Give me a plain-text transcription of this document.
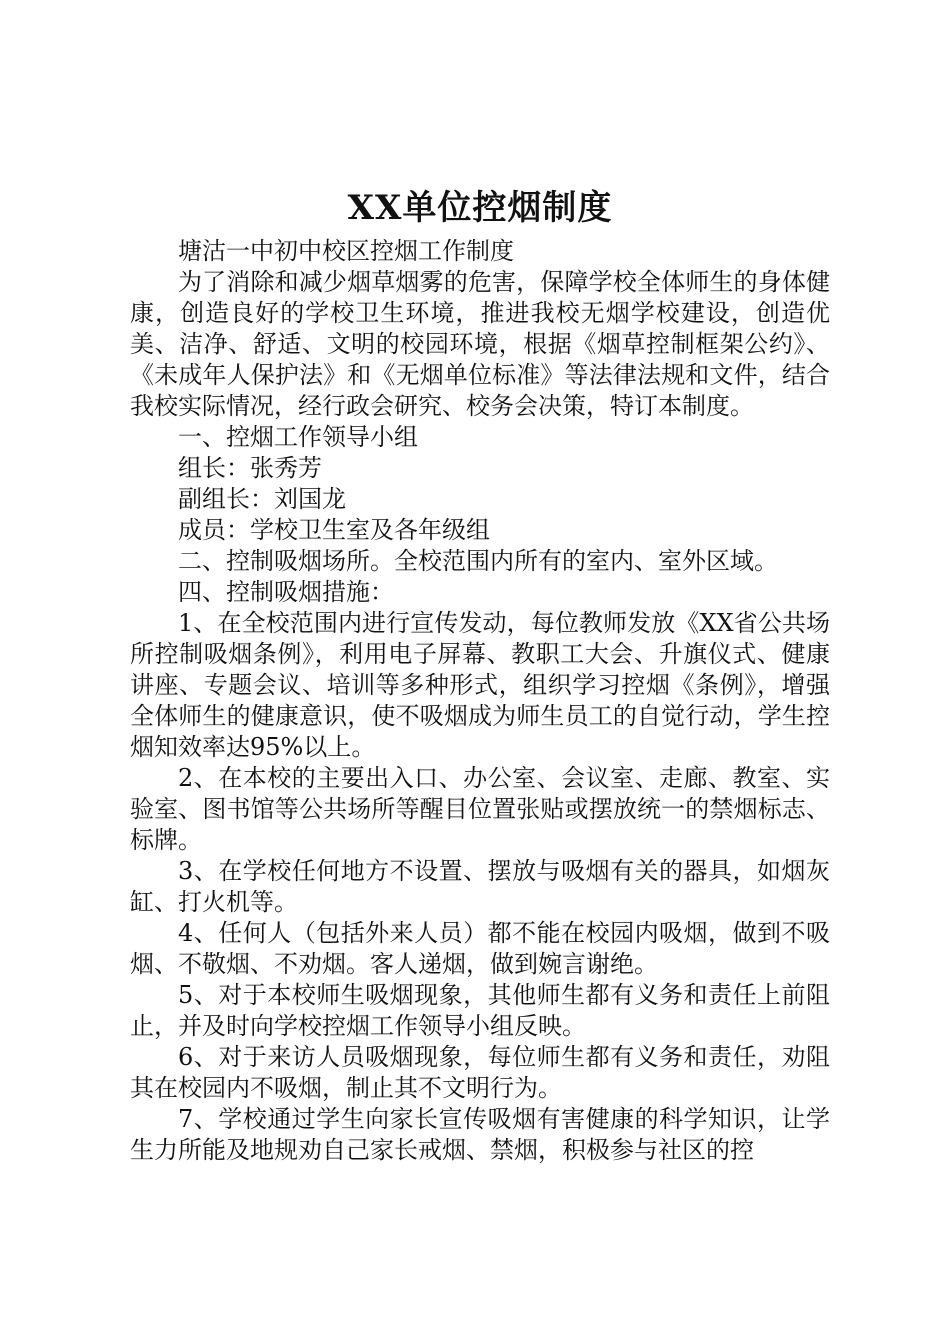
XX单位控烟制度

塘沽一中初中校区控烟工作制度

为了消除和减少烟草烟雾的危害，保障学校全体师生的身体健康，创造良好的学校卫生环境，推进我校无烟学校建设，创造优美、洁净、舒适、文明的校园环境，根据《烟草控制框架公约》、《未成年人保护法》和《无烟单位标准》等法律法规和文件，结合我校实际情况，经行政会研究、校务会决策，特订本制度。

一、控烟工作领导小组

组长：张秀芳

副组长：刘国龙

成员：学校卫生室及各年级组

二、控制吸烟场所。全校范围内所有的室内、室外区域。

四、控制吸烟措施：

1、在全校范围内进行宣传发动，每位教师发放《XX省公共场所控制吸烟条例》，利用电子屏幕、教职工大会、升旗仪式、健康讲座、专题会议、培训等多种形式，组织学习控烟《条例》，增强全体师生的健康意识，使不吸烟成为师生员工的自觉行动，学生控烟知效率达95%以上。

2、在本校的主要出入口、办公室、会议室、走廊、教室、实验室、图书馆等公共场所等醒目位置张贴或摆放统一的禁烟标志、标牌。

3、在学校任何地方不设置、摆放与吸烟有关的器具，如烟灰缸、打火机等。

4、任何人（包括外来人员）都不能在校园内吸烟，做到不吸烟、不敬烟、不劝烟。客人递烟，做到婉言谢绝。

5、对于本校师生吸烟现象，其他师生都有义务和责任上前阻止，并及时向学校控烟工作领导小组反映。

6、对于来访人员吸烟现象，每位师生都有义务和责任，劝阻其在校园内不吸烟，制止其不文明行为。

7、学校通过学生向家长宣传吸烟有害健康的科学知识，让学生力所能及地规劝自己家长戒烟、禁烟，积极参与社区的控
